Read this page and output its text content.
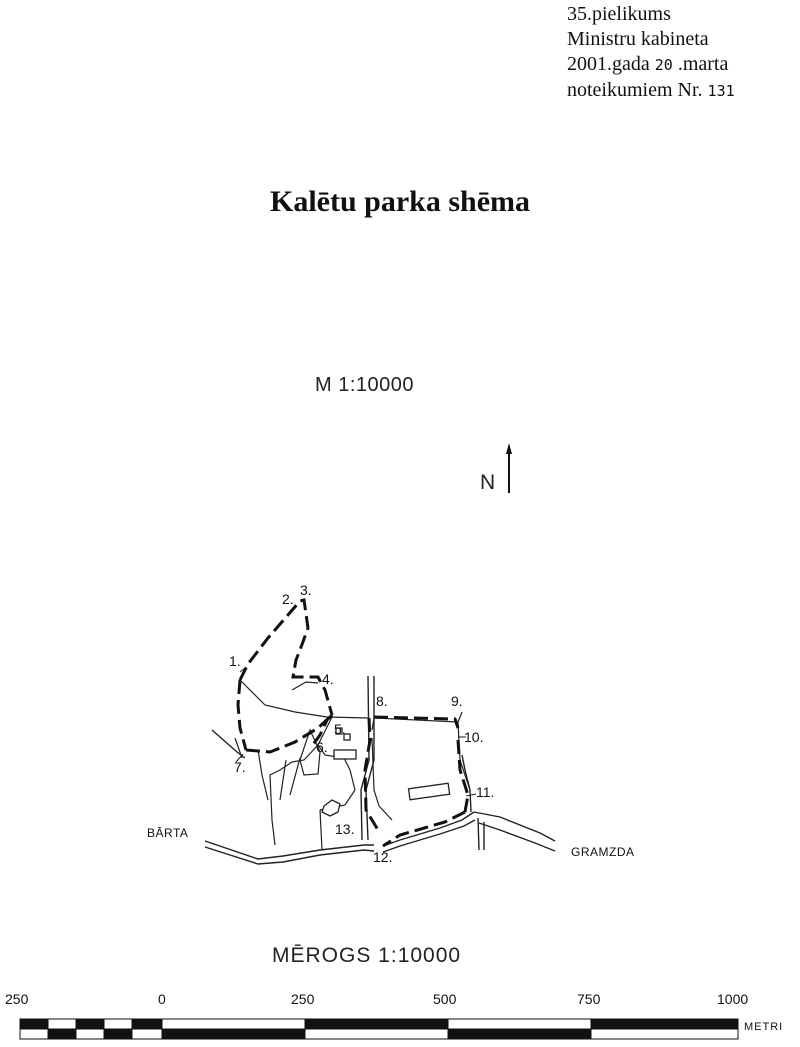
35.pielikums
Ministru kabineta
2001.gada 20 .marta
noteikumiem Nr. 131
Kalētu parka shēma
M 1:10000
N
1.
2.
3.
4.
5.
6.
7.
8.	9.
10.
11.
12.
13.
BĀRTA
GRAMZDA
MĒROGS 1:10000
250	0	250	500	750	1000
METRI
